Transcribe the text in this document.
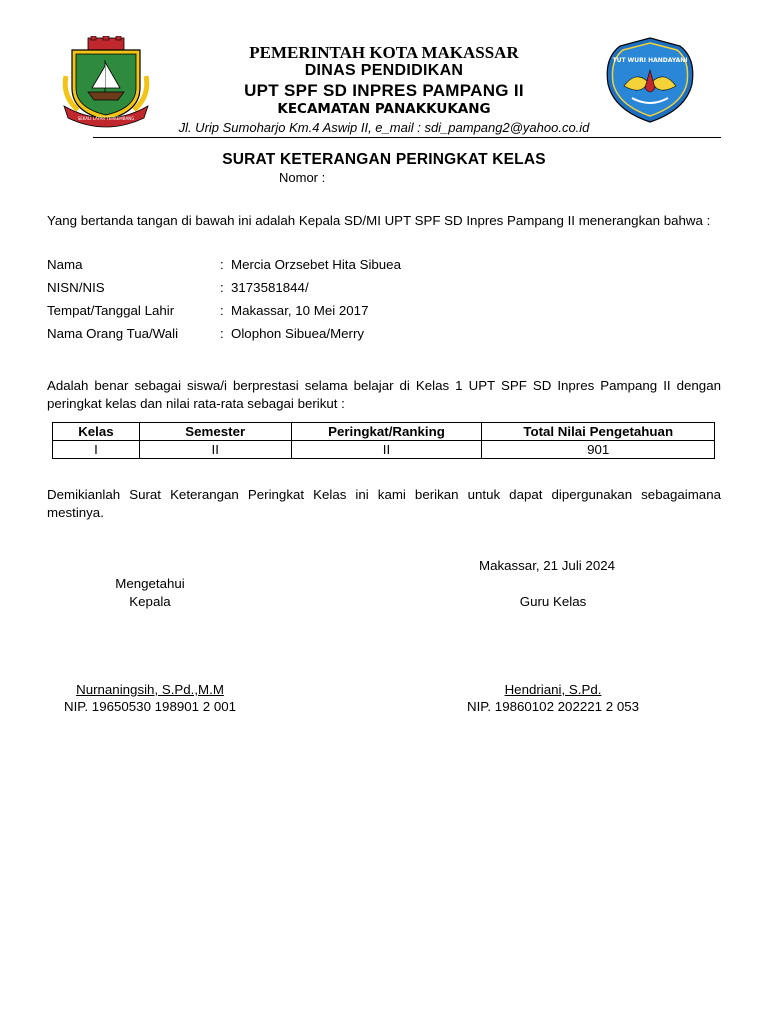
SEKALI LAYAR TERKEMBANG
TUT WURI HANDAYANI
PEMERINTAH KOTA MAKASSAR
DINAS PENDIDIKAN
UPT SPF SD INPRES PAMPANG II
KECAMATAN PANAKKUKANG
Jl. Urip Sumoharjo Km.4 Aswip II, e_mail : sdi_pampang2@yahoo.co.id
SURAT KETERANGAN PERINGKAT KELAS
Nomor :
Yang bertanda tangan di bawah ini adalah Kepala SD/MI UPT SPF SD Inpres Pampang II menerangkan bahwa :
Nama	: Mercia Orzsebet Hita Sibuea
NISN/NIS	: 3173581844/
Tempat/Tanggal Lahir	: Makassar, 10 Mei 2017
Nama Orang Tua/Wali	: Olophon Sibuea/Merry
Adalah benar sebagai siswa/i berprestasi selama belajar di Kelas 1 UPT SPF SD Inpres Pampang II dengan peringkat kelas dan nilai rata-rata sebagai berikut :
Kelas	Semester	Peringkat/Ranking	Total Nilai Pengetahuan
I	II	II	901
Demikianlah Surat Keterangan Peringkat Kelas ini kami berikan untuk dapat dipergunakan sebagaimana mestinya.
Makassar, 21 Juli 2024
Mengetahui
Kepala	Guru Kelas
Nurnaningsih, S.Pd.,M.M
NIP. 19650530 198901 2 001
Hendriani, S.Pd.
NIP. 19860102 202221 2 053
